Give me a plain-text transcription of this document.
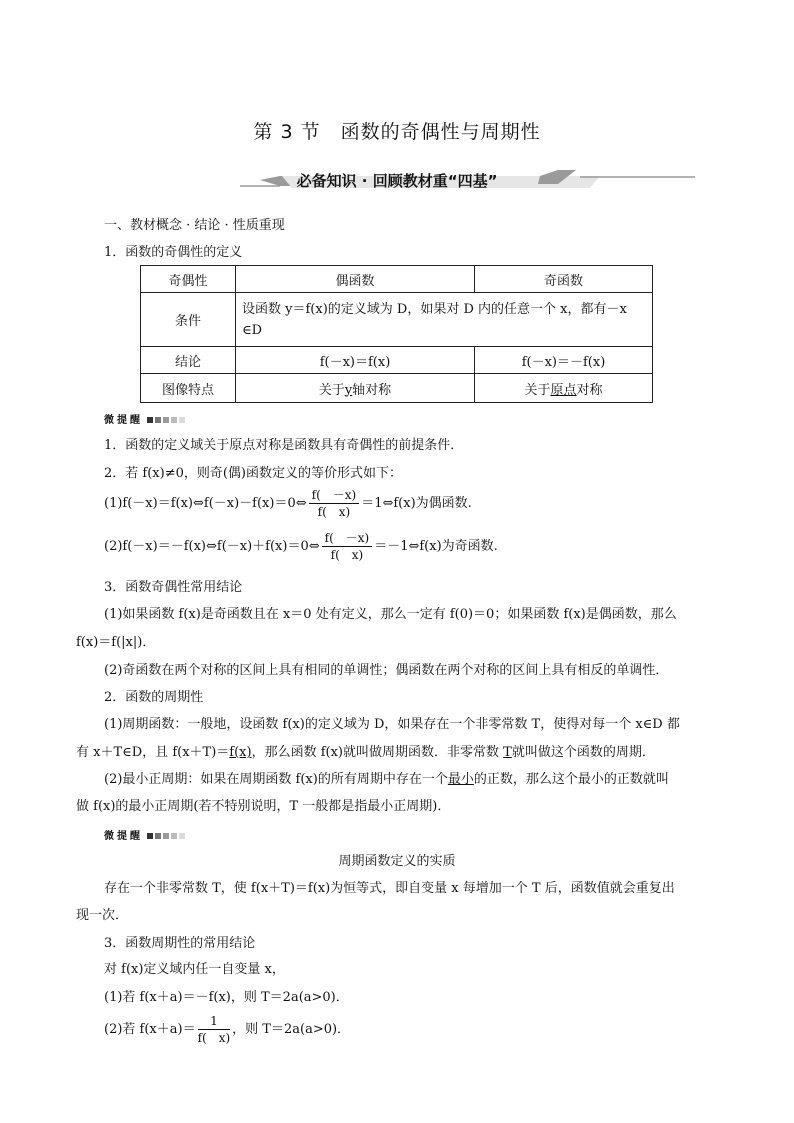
第 3 节　函数的奇偶性与周期性
必备知识 · 回顾教材重“四基”
一、教材概念 · 结论 · 性质重现
1．函数的奇偶性的定义
奇偶性	偶函数	奇函数
条件	设函数 y＝f(x)的定义域为 D，如果对 D 内的任意一个 x，都有－x
∈D	
结论	f(－x)＝f(x)	f(－x)＝－f(x)
图像特点	关于y轴对称	关于原点对称
微提醒
1．函数的定义域关于原点对称是函数具有奇偶性的前提条件．
2．若 f(x)≠0，则奇(偶)函数定义的等价形式如下：
(1)f(－x)＝f(x)⇔f(－x)－f(x)＝0⇔ $\frac{f( -x)}{f( x)}$ ＝1⇔f(x)为偶函数.
(2)f(－x)＝－f(x)⇔f(－x)＋f(x)＝0⇔ $\frac{f( -x)}{f( x)}$ ＝－1⇔f(x)为奇函数.
3．函数奇偶性常用结论
(1)如果函数 f(x)是奇函数且在 x＝0 处有定义，那么一定有 f(0)＝0；如果函数 f(x)是偶函数，那么
f(x)＝f(|x|)．
(2)奇函数在两个对称的区间上具有相同的单调性；偶函数在两个对称的区间上具有相反的单调性．
2．函数的周期性
(1)周期函数：一般地，设函数 f(x)的定义域为 D，如果存在一个非零常数 T，使得对每一个 x∈D 都
有 x＋T∈D，且 f(x＋T)＝f(x)，那么函数 f(x)就叫做周期函数．非零常数 T就叫做这个函数的周期．
(2)最小正周期：如果在周期函数 f(x)的所有周期中存在一个最小的正数，那么这个最小的正数就叫
做 f(x)的最小正周期(若不特别说明，T 一般都是指最小正周期)．
微提醒
周期函数定义的实质
存在一个非零常数 T，使 f(x＋T)＝f(x)为恒等式，即自变量 x 每增加一个 T 后，函数值就会重复出
现一次．
3．函数周期性的常用结论
对 f(x)定义域内任一自变量 x，
(1)若 f(x＋a)＝－f(x)，则 T＝2a(a>0)．
(2)若 $f(x+a)= \frac{1}{f( x)}$ ，则 T＝2a(a>0)．
